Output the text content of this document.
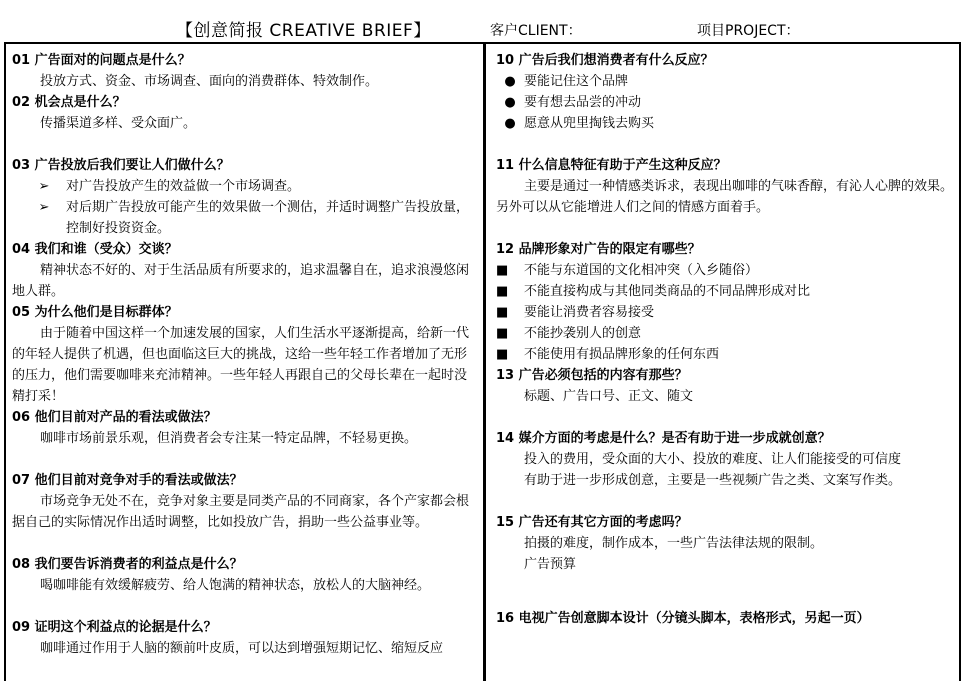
【创意简报 CREATIVE BRIEF】	客户CLIENT：	项目PROJECT：
01 广告面对的问题点是什么？
投放方式、资金、市场调查、面向的消费群体、特效制作。
02 机会点是什么？
传播渠道多样、受众面广。
03 广告投放后我们要让人们做什么？
➢	对广告投放产生的效益做一个市场调查。
➢	对后期广告投放可能产生的效果做一个测估，并适时调整广告投放量，控制好投资资金。
04 我们和谁（受众）交谈？
精神状态不好的、对于生活品质有所要求的，追求温馨自在，追求浪漫悠闲地人群。
05 为什么他们是目标群体？
由于随着中国这样一个加速发展的国家，人们生活水平逐渐提高，给新一代的年轻人提供了机遇，但也面临这巨大的挑战，这给一些年轻工作者增加了无形的压力，他们需要咖啡来充沛精神。一些年轻人再跟自己的父母长辈在一起时没精打采！
06 他们目前对产品的看法或做法？
咖啡市场前景乐观，但消费者会专注某一特定品牌，不轻易更换。
07 他们目前对竞争对手的看法或做法？
市场竞争无处不在，竞争对象主要是同类产品的不同商家，各个产家都会根据自己的实际情况作出适时调整，比如投放广告，捐助一些公益事业等。
08 我们要告诉消费者的利益点是什么？
喝咖啡能有效缓解疲劳、给人饱满的精神状态，放松人的大脑神经。
09 证明这个利益点的论据是什么？
咖啡通过作用于人脑的额前叶皮质，可以达到增强短期记忆、缩短反应
10 广告后我们想消费者有什么反应？
● 要能记住这个品牌
● 要有想去品尝的冲动
● 愿意从兜里掏钱去购买
11 什么信息特征有助于产生这种反应？
主要是通过一种情感类诉求，表现出咖啡的气味香醇，有沁人心脾的效果。另外可以从它能增进人们之间的情感方面着手。
12 品牌形象对广告的限定有哪些？
■	不能与东道国的文化相冲突（入乡随俗）
■	不能直接构成与其他同类商品的不同品牌形成对比
■	要能让消费者容易接受
■	不能抄袭别人的创意
■	不能使用有损品牌形象的任何东西
13 广告必须包括的内容有那些？
标题、广告口号、正文、随文
14 媒介方面的考虑是什么？是否有助于进一步成就创意？
投入的费用，受众面的大小、投放的难度、让人们能接受的可信度
有助于进一步形成创意，主要是一些视频广告之类、文案写作类。
15 广告还有其它方面的考虑吗？
拍摄的难度，制作成本，一些广告法律法规的限制。
广告预算
16 电视广告创意脚本设计（分镜头脚本，表格形式，另起一页）
